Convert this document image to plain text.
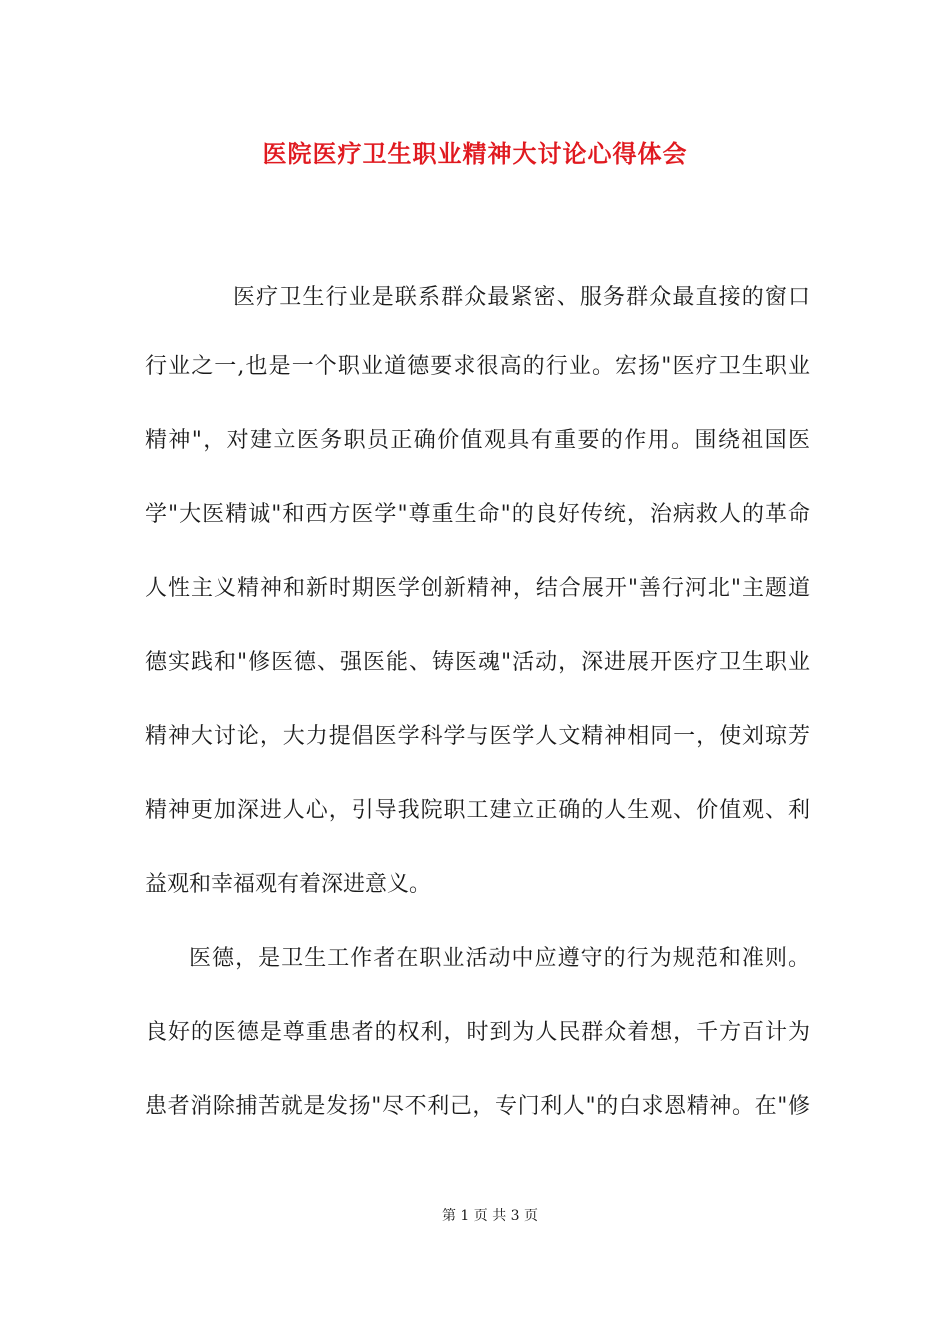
医院医疗卫生职业精神大讨论心得体会
医疗卫生行业是联系群众最紧密、服务群众最直接的窗口
行业之一,也是一个职业道德要求很高的行业。宏扬"医疗卫生职业
精神"，对建立医务职员正确价值观具有重要的作用。围绕祖国医
学"大医精诚"和西方医学"尊重生命"的良好传统，治病救人的革命
人性主义精神和新时期医学创新精神，结合展开"善行河北"主题道
德实践和"修医德、强医能、铸医魂"活动，深进展开医疗卫生职业
精神大讨论，大力提倡医学科学与医学人文精神相同一，使刘琼芳
精神更加深进人心，引导我院职工建立正确的人生观、价值观、利
益观和幸福观有着深进意义。
医德，是卫生工作者在职业活动中应遵守的行为规范和准则。
良好的医德是尊重患者的权利，时到为人民群众着想，千方百计为
患者消除捕苦就是发扬"尽不利己，专门利人"的白求恩精神。在"修
第 1 页 共 3 页
